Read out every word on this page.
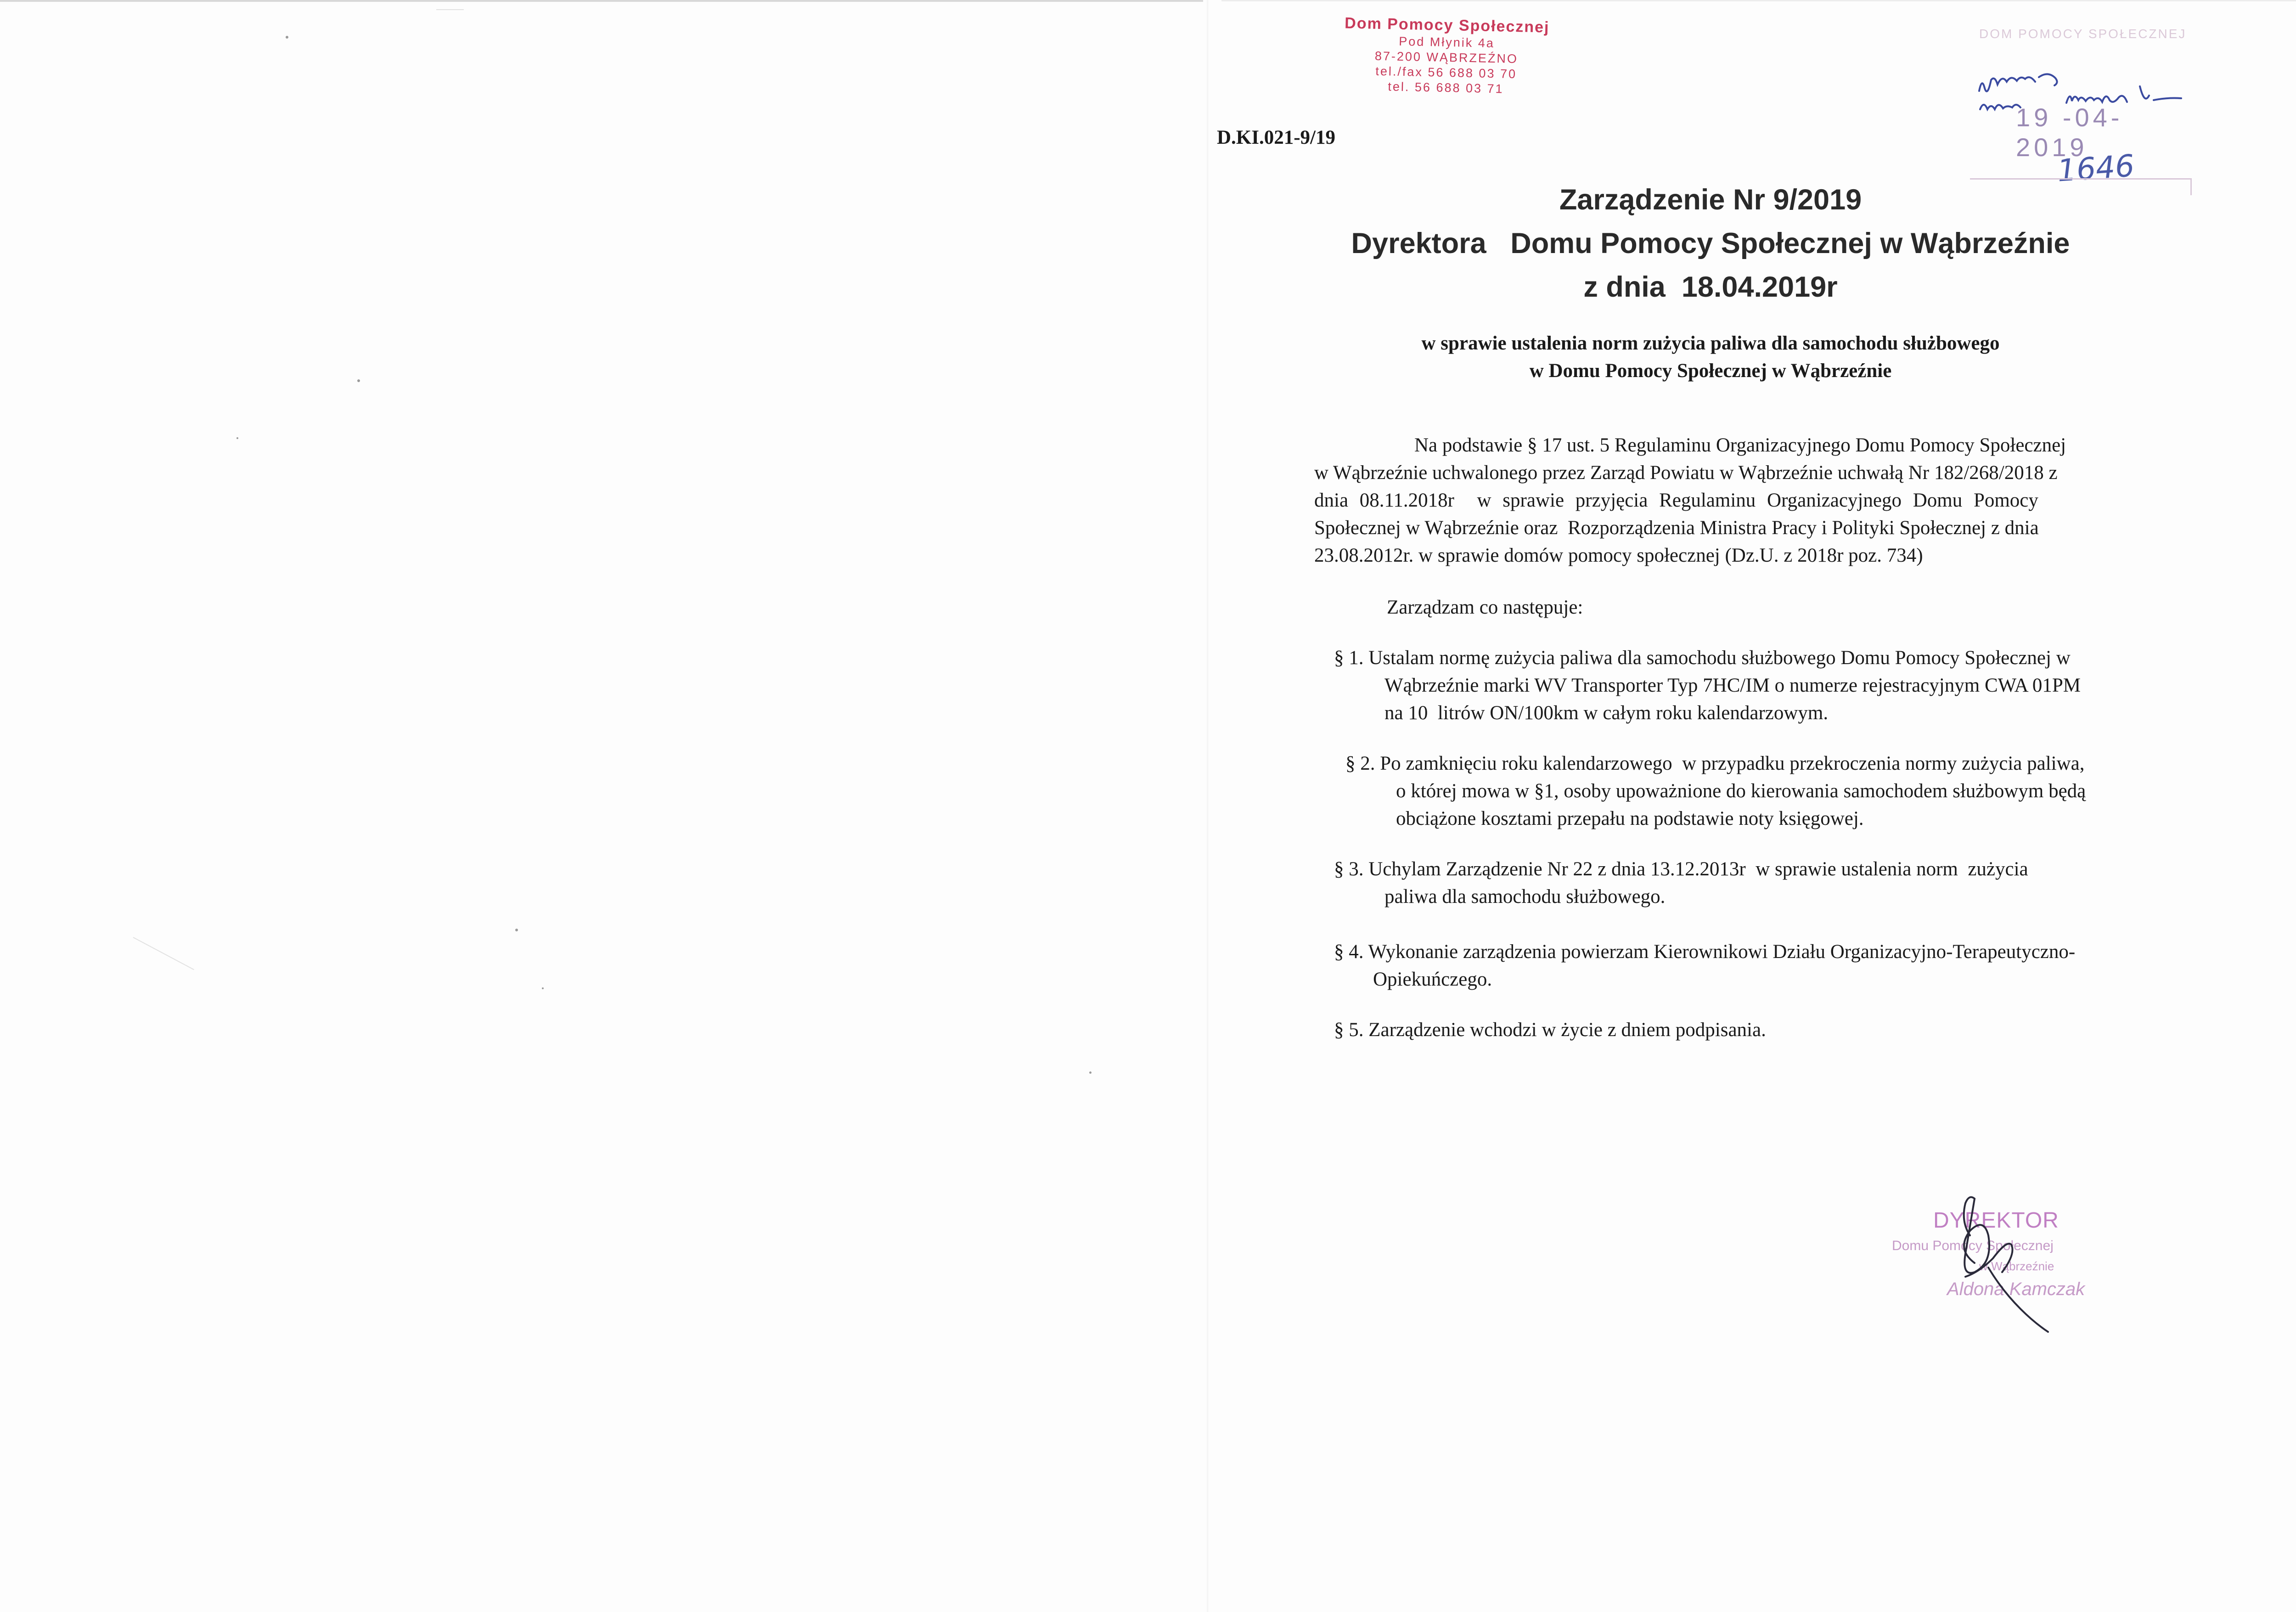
Dom Pomocy Społecznej
Pod Młynik 4a
87-200 WĄBRZEŹNO
tel./fax 56 688 03 70
tel. 56 688 03 71
DOM POMOCY SPOŁECZNEJ
19 -04- 2019
1646
D.KI.021-9/19
Zarządzenie Nr 9/2019
Dyrektora   Domu Pomocy Społecznej w Wąbrzeźnie
z dnia  18.04.2019r
w sprawie ustalenia norm zużycia paliwa dla samochodu służbowego
w Domu Pomocy Społecznej w Wąbrzeźnie
Na podstawie § 17 ust. 5 Regulaminu Organizacyjnego Domu Pomocy Społecznej
w Wąbrzeźnie uchwalonego przez Zarząd Powiatu w Wąbrzeźnie uchwałą Nr 182/268/2018 z
dnia 08.11.2018r  w sprawie przyjęcia Regulaminu Organizacyjnego Domu Pomocy
Społecznej w Wąbrzeźnie oraz  Rozporządzenia Ministra Pracy i Polityki Społecznej z dnia
23.08.2012r. w sprawie domów pomocy społecznej (Dz.U. z 2018r poz. 734)
Zarządzam co następuje:
§ 1. Ustalam normę zużycia paliwa dla samochodu służbowego Domu Pomocy Społecznej w
Wąbrzeźnie marki WV Transporter Typ 7HC/IM o numerze rejestracyjnym CWA 01PM
na 10  litrów ON/100km w całym roku kalendarzowym.
§ 2. Po zamknięciu roku kalendarzowego  w przypadku przekroczenia normy zużycia paliwa,
o której mowa w §1, osoby upoważnione do kierowania samochodem służbowym będą
obciążone kosztami przepału na podstawie noty księgowej.
§ 3. Uchylam Zarządzenie Nr 22 z dnia 13.12.2013r  w sprawie ustalenia norm  zużycia
paliwa dla samochodu służbowego.
§ 4. Wykonanie zarządzenia powierzam Kierownikowi Działu Organizacyjno-Terapeutyczno-
Opiekuńczego.
§ 5. Zarządzenie wchodzi w życie z dniem podpisania.
DYREKTOR
Domu Pomocy Społecznej
w Wąbrzeźnie
Aldona Kamczak
